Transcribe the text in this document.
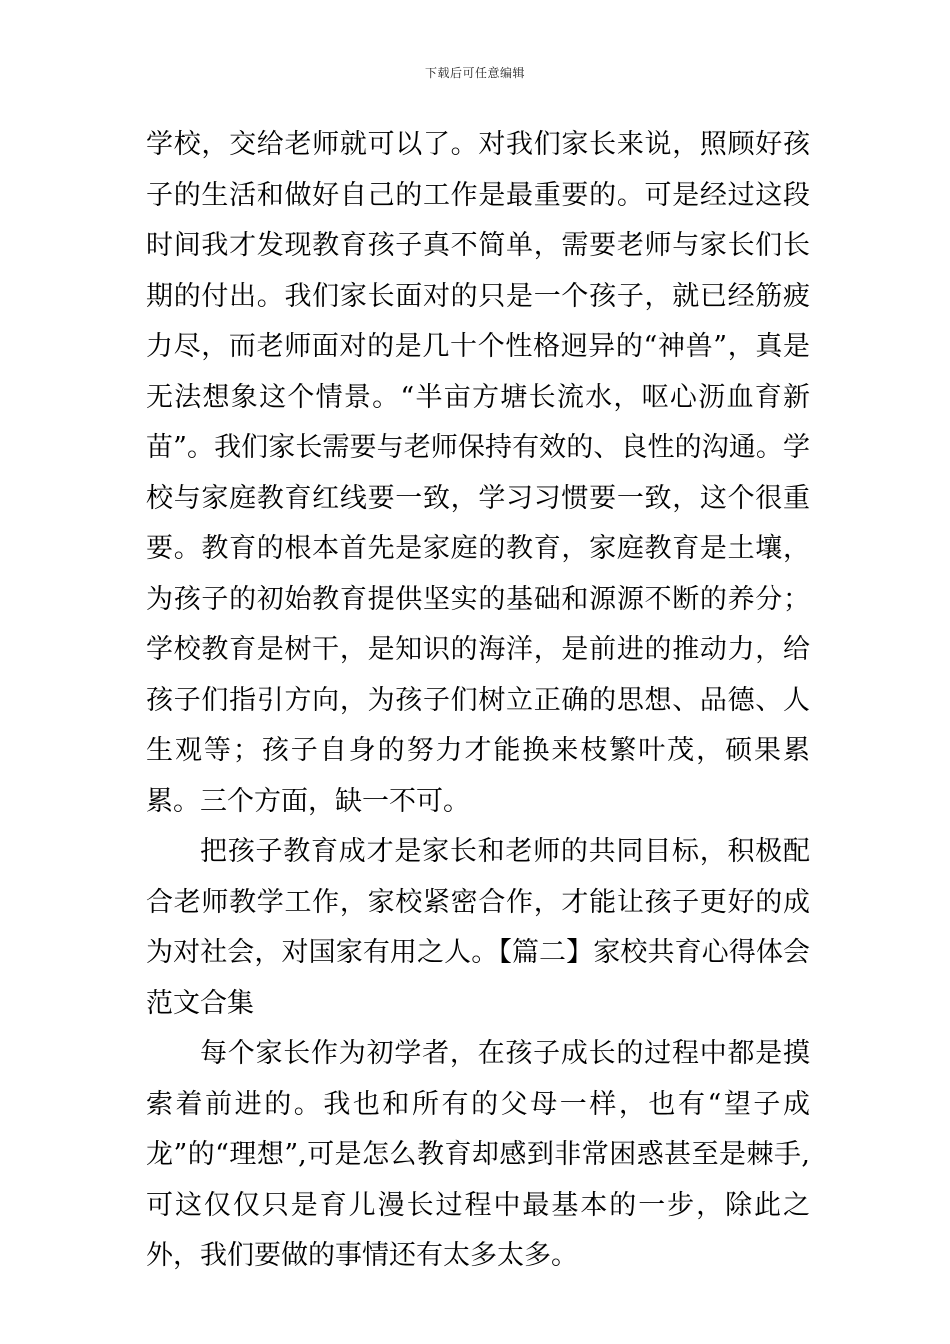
下载后可任意编辑

学校，交给老师就可以了。对我们家长来说，照顾好孩子的生活和做好自己的工作是最重要的。可是经过这段时间我才发现教育孩子真不简单，需要老师与家长们长期的付出。我们家长面对的只是一个孩子，就已经筋疲力尽，而老师面对的是几十个性格迥异的“神兽”，真是无法想象这个情景。“半亩方塘长流水，呕心沥血育新苗”。我们家长需要与老师保持有效的、良性的沟通。学校与家庭教育红线要一致，学习习惯要一致，这个很重要。教育的根本首先是家庭的教育，家庭教育是土壤，为孩子的初始教育提供坚实的基础和源源不断的养分；学校教育是树干，是知识的海洋，是前进的推动力，给孩子们指引方向，为孩子们树立正确的思想、品德、人生观等；孩子自身的努力才能换来枝繁叶茂，硕果累累。三个方面，缺一不可。

把孩子教育成才是家长和老师的共同目标，积极配合老师教学工作，家校紧密合作，才能让孩子更好的成为对社会，对国家有用之人。【篇二】家校共育心得体会范文合集

每个家长作为初学者，在孩子成长的过程中都是摸索着前进的。我也和所有的父母一样，也有“望子成龙”的“理想”,可是怎么教育却感到非常困惑甚至是棘手,可这仅仅只是育儿漫长过程中最基本的一步，除此之外，我们要做的事情还有太多太多。
